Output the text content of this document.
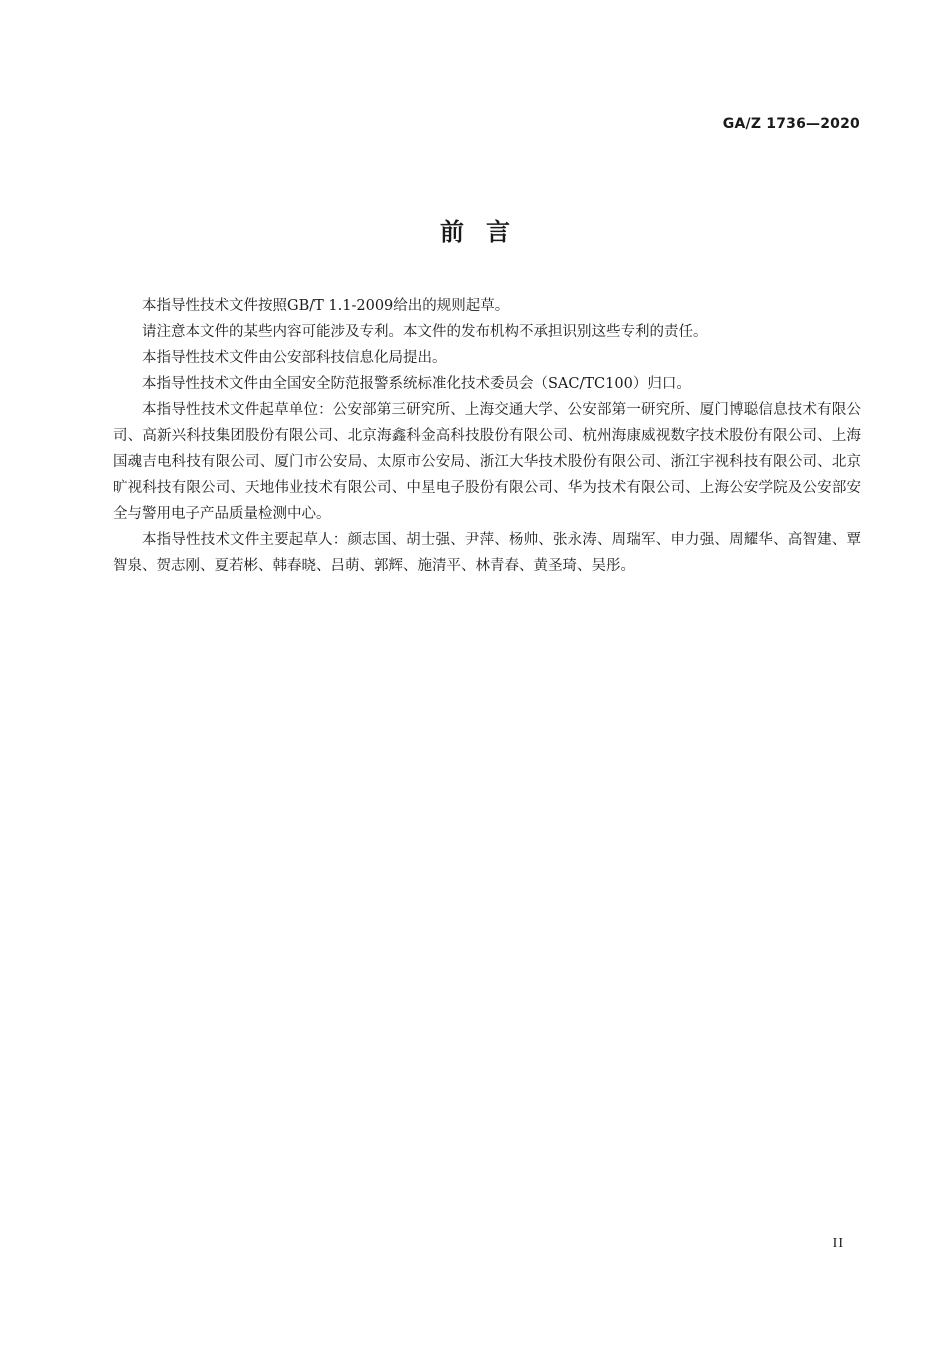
GA/Z 1736—2020
前言

本指导性技术文件按照GB/T 1.1-2009给出的规则起草。

请注意本文件的某些内容可能涉及专利。本文件的发布机构不承担识别这些专利的责任。

本指导性技术文件由公安部科技信息化局提出。

本指导性技术文件由全国安全防范报警系统标准化技术委员会（SAC/TC100）归口。

本指导性技术文件起草单位：公安部第三研究所、上海交通大学、公安部第一研究所、厦门博聪信息技术有限公司、高新兴科技集团股份有限公司、北京海鑫科金高科技股份有限公司、杭州海康威视数字技术股份有限公司、上海国魂吉电科技有限公司、厦门市公安局、太原市公安局、浙江大华技术股份有限公司、浙江宇视科技有限公司、北京旷视科技有限公司、天地伟业技术有限公司、中星电子股份有限公司、华为技术有限公司、上海公安学院及公安部安全与警用电子产品质量检测中心。

本指导性技术文件主要起草人：颜志国、胡士强、尹萍、杨帅、张永涛、周瑞军、申力强、周耀华、高智建、覃智泉、贺志刚、夏若彬、韩春晓、吕萌、郭辉、施清平、林青春、黄圣琦、吴彤。

II
